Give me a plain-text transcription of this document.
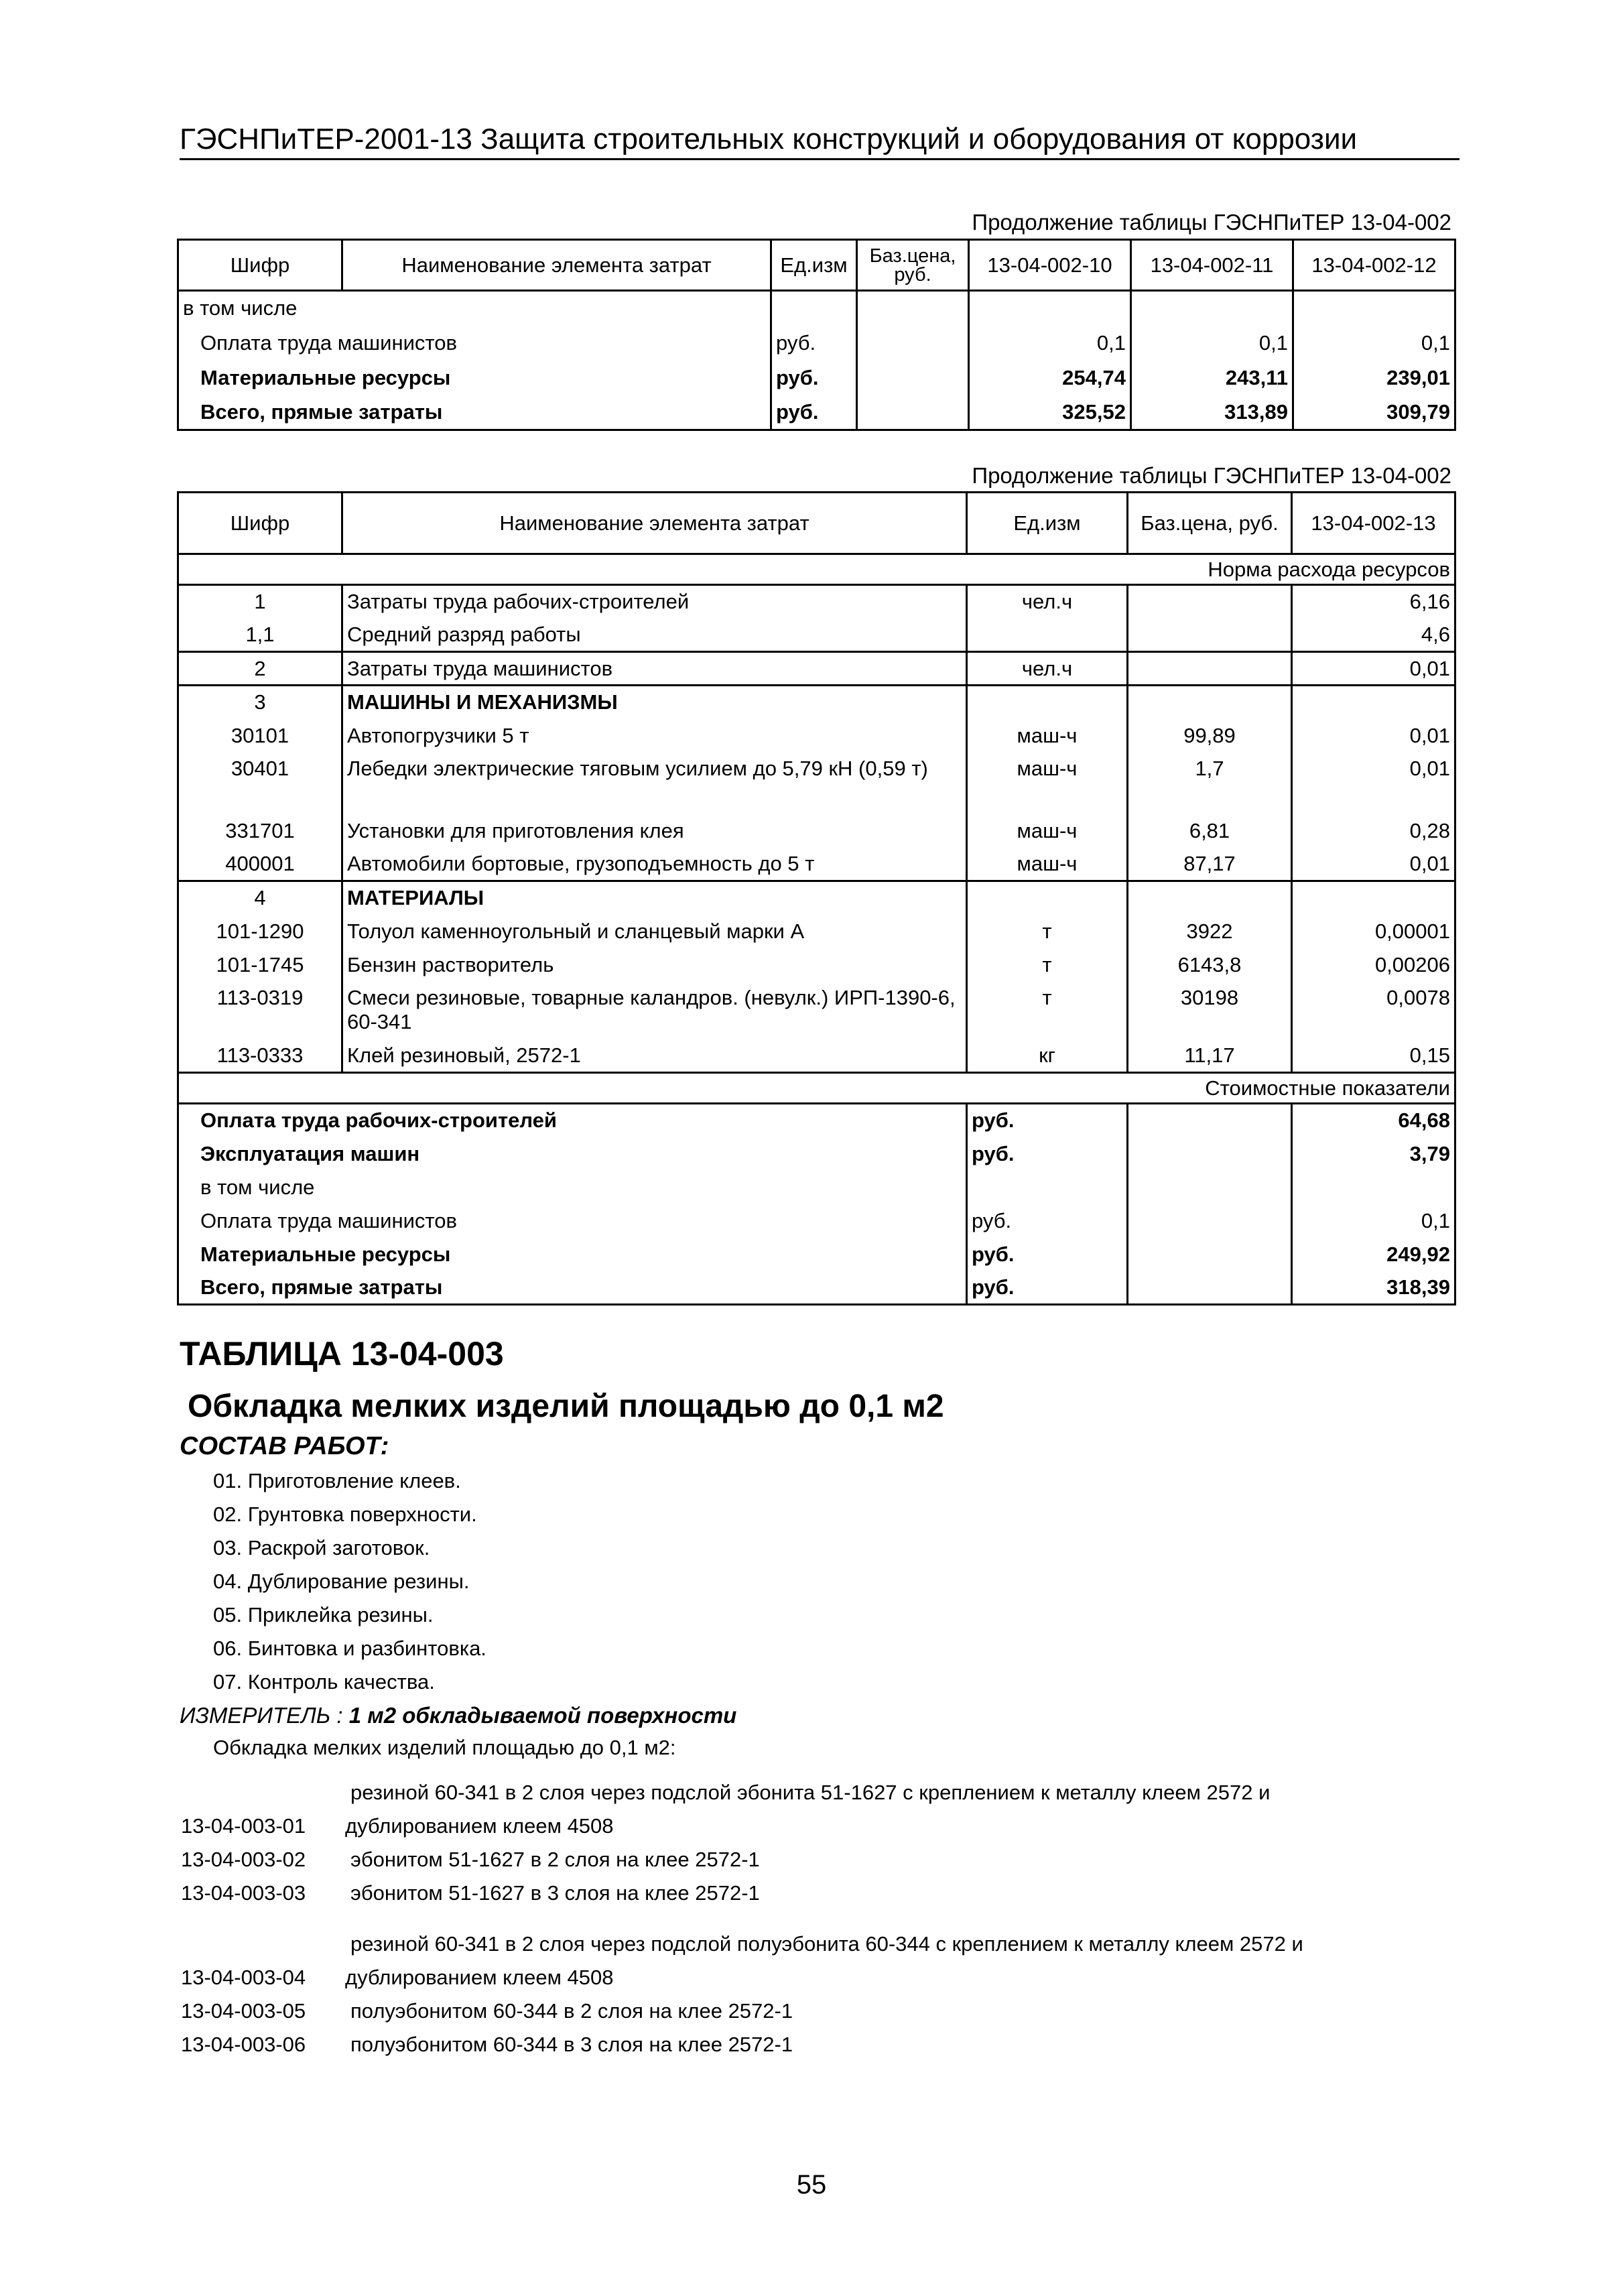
ГЭСНПиТЕР-2001-13 Защита строительных конструкций и оборудования от коррозии
Продолжение таблицы ГЭСНПиТЕР 13-04-002
Шифр	Наименование элемента затрат	Ед.изм	Баз.цена, руб.	13-04-002-10	13-04-002-11	13-04-002-12
в том числе						
Оплата труда машинистов		руб.		0,1	0,1	0,1
Материальные ресурсы		руб.		254,74	243,11	239,01
Всего, прямые затраты		руб.		325,52	313,89	309,79
Продолжение таблицы ГЭСНПиТЕР 13-04-002
Шифр	Наименование элемента затрат	Ед.изм	Баз.цена, руб.	13-04-002-13
Норма расхода ресурсов				
1	Затраты труда рабочих-строителей	чел.ч		6,16
1,1	Средний разряд работы			4,6
2	Затраты труда машинистов	чел.ч		0,01
3	МАШИНЫ И МЕХАНИЗМЫ			
30101	Автопогрузчики 5 т	маш-ч	99,89	0,01
30401	Лебедки электрические тяговым усилием до 5,79 кН (0,59 т)	маш-ч	1,7	0,01
331701	Установки для приготовления клея	маш-ч	6,81	0,28
400001	Автомобили бортовые, грузоподъемность до 5 т	маш-ч	87,17	0,01
4	МАТЕРИАЛЫ			
101-1290	Толуол каменноугольный и сланцевый марки А	т	3922	0,00001
101-1745	Бензин растворитель	т	6143,8	0,00206
113-0319	Смеси резиновые, товарные каландров. (невулк.) ИРП-1390-6, 60-341	т	30198	0,0078
113-0333	Клей резиновый, 2572-1	кг	11,17	0,15
Стоимостные показатели				
Оплата труда рабочих-строителей		руб.		64,68
Эксплуатация машин		руб.		3,79
в том числе				
Оплата труда машинистов		руб.		0,1
Материальные ресурсы		руб.		249,92
Всего, прямые затраты		руб.		318,39
ТАБЛИЦА 13-04-003
Обкладка мелких изделий площадью до 0,1 м2
СОСТАВ РАБОТ:
01. Приготовление клеев.
02. Грунтовка поверхности.
03. Раскрой заготовок.
04. Дублирование резины.
05. Приклейка резины.
06. Бинтовка и разбинтовка.
07. Контроль качества.
ИЗМЕРИТЕЛЬ : 1 м2 обкладываемой поверхности
Обкладка мелких изделий площадью до 0,1 м2:
	резиной 60-341 в 2 слоя через подслой эбонита 51-1627 с креплением к металлу клеем 2572 и
13-04-003-01	дублированием клеем 4508
13-04-003-02	эбонитом 51-1627 в 2 слоя на клее 2572-1
13-04-003-03	эбонитом 51-1627 в 3 слоя на клее 2572-1
	резиной 60-341 в 2 слоя через подслой полуэбонита 60-344 с креплением к металлу клеем 2572 и
13-04-003-04	дублированием клеем 4508
13-04-003-05	полуэбонитом 60-344 в 2 слоя на клее 2572-1
13-04-003-06	полуэбонитом 60-344 в 3 слоя на клее 2572-1
55
